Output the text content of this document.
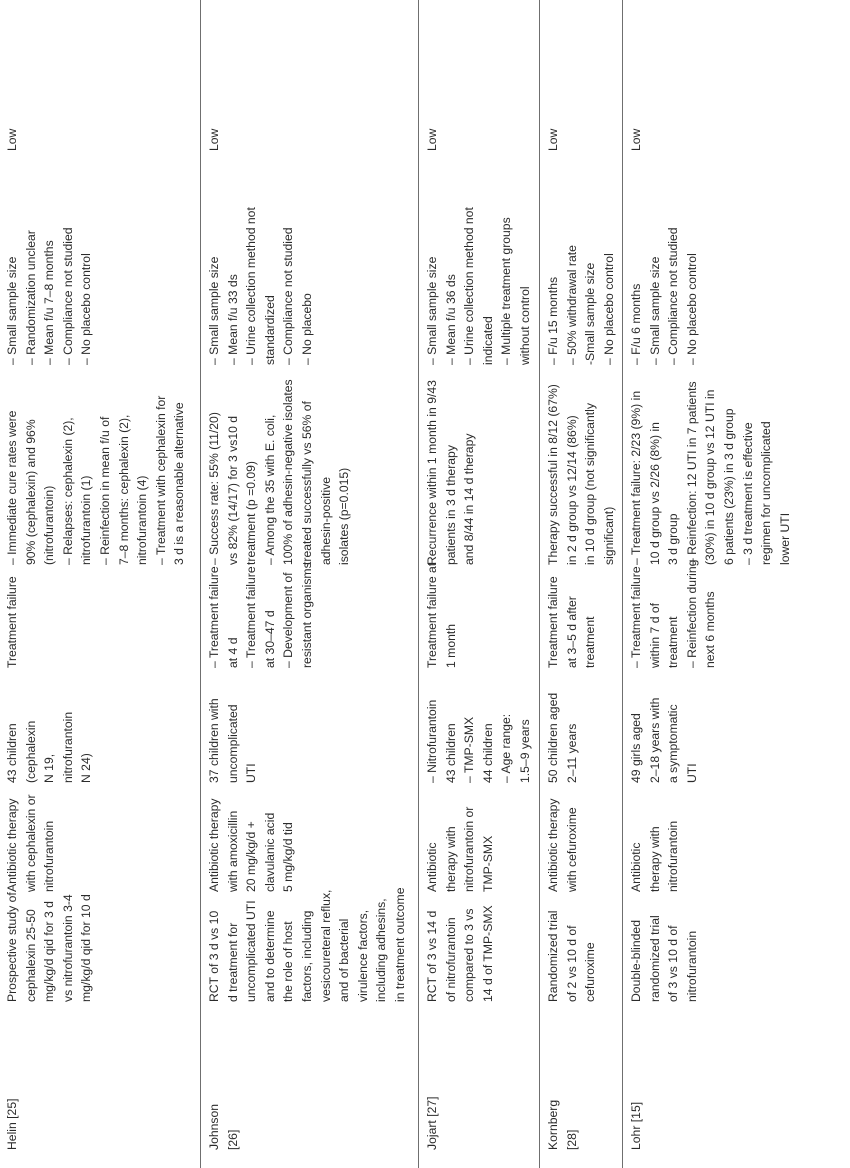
Helin [25]
Prospective study of cephalexin 25-50 mg/kg/d qid for 3 d vs nitrofurantoin 3-4 mg/kg/d qid for 10 d
Antibiotic therapy with cephalexin or nitrofurantoin
43 children (cephalexin N 19, nitrofurantoin N 24)
Treatment failure
– Immediate cure rates were 90% (cephalexin) and 96% (nitrofurantoin) – Relapses: cephalexin (2), nitrofurantoin (1) – Reinfection in mean f/u of 7–8 months: cephalexin (2), nitrofurantoin (4) – Treatment with cephalexin for 3 d is a reasonable alternative
– Small sample size – Randomization unclear – Mean f/u 7–8 months – Compliance not studied – No placebo control
Low
Johnson [26]
RCT of 3 d vs 10 d treatment for uncomplicated UTI and to determine the role of host factors, including vesicoureteral reflux, and of bacterial virulence factors, including adhesins, in treatment outcome
Antibiotic therapy with amoxicillin 20 mg/kg/d + clavulanic acid 5 mg/kg/d tid
37 children with uncomplicated UTI
– Treatment failure at 4 d – Treatment failure at 30–47 d – Development of resistant organisms
– Success rate: 55% (11/20) vs 82% (14/17) for 3 vs10 d treatment (p =0.09) – Among the 35 with E. coli, 100% of adhesin-negative isolates treated successfully vs 56% of adhesin-positive isolates (p=0.015)
– Small sample size – Mean f/u 33 ds – Urine collection method not standardized – Compliance not studied – No placebo
Low
Jojart [27]
RCT of 3 vs 14 d of nitrofurantoin compared to 3 vs 14 d of TMP-SMX
Antibiotic therapy with nitrofurantoin or TMP-SMX
– Nitrofurantoin 43 children – TMP-SMX 44 children – Age range: 1.5–9 years
Treatment failure at 1 month
Recurrence within 1 month in 9/43 patients in 3 d therapy and 8/44 in 14 d therapy
– Small sample size – Mean f/u 36 ds – Urine collection method not indicated – Multiple treatment groups without control
Low
Kornberg [28]
Randomized trial of 2 vs 10 d of cefuroxime
Antibiotic therapy with cefuroxime
50 children aged 2–11 years
Treatment failure at 3–5 d after treatment
Therapy successful in 8/12 (67%) in 2 d group vs 12/14 (86%) in 10 d group (not significantly significant)
– F/u 15 months – 50% withdrawal rate -Small sample size – No placebo control
Low
Lohr [15]
Double-blinded randomized trial of 3 vs 10 d of nitrofurantoin
Antibiotic therapy with nitrofurantoin
49 girls aged 2–18 years with a symptomatic UTI
– Treatment failure within 7 d of treatment – Reinfection during next 6 months
– Treatment failure: 2/23 (9%) in 10 d group vs 2/26 (8%) in 3 d group – Reinfection: 12 UTI in 7 patients (30%) in 10 d group vs 12 UTI in 6 patients (23%) in 3 d group – 3 d treatment is effective regimen for uncomplicated lower UTI
– F/u 6 months – Small sample size – Compliance not studied – No placebo control
Low
